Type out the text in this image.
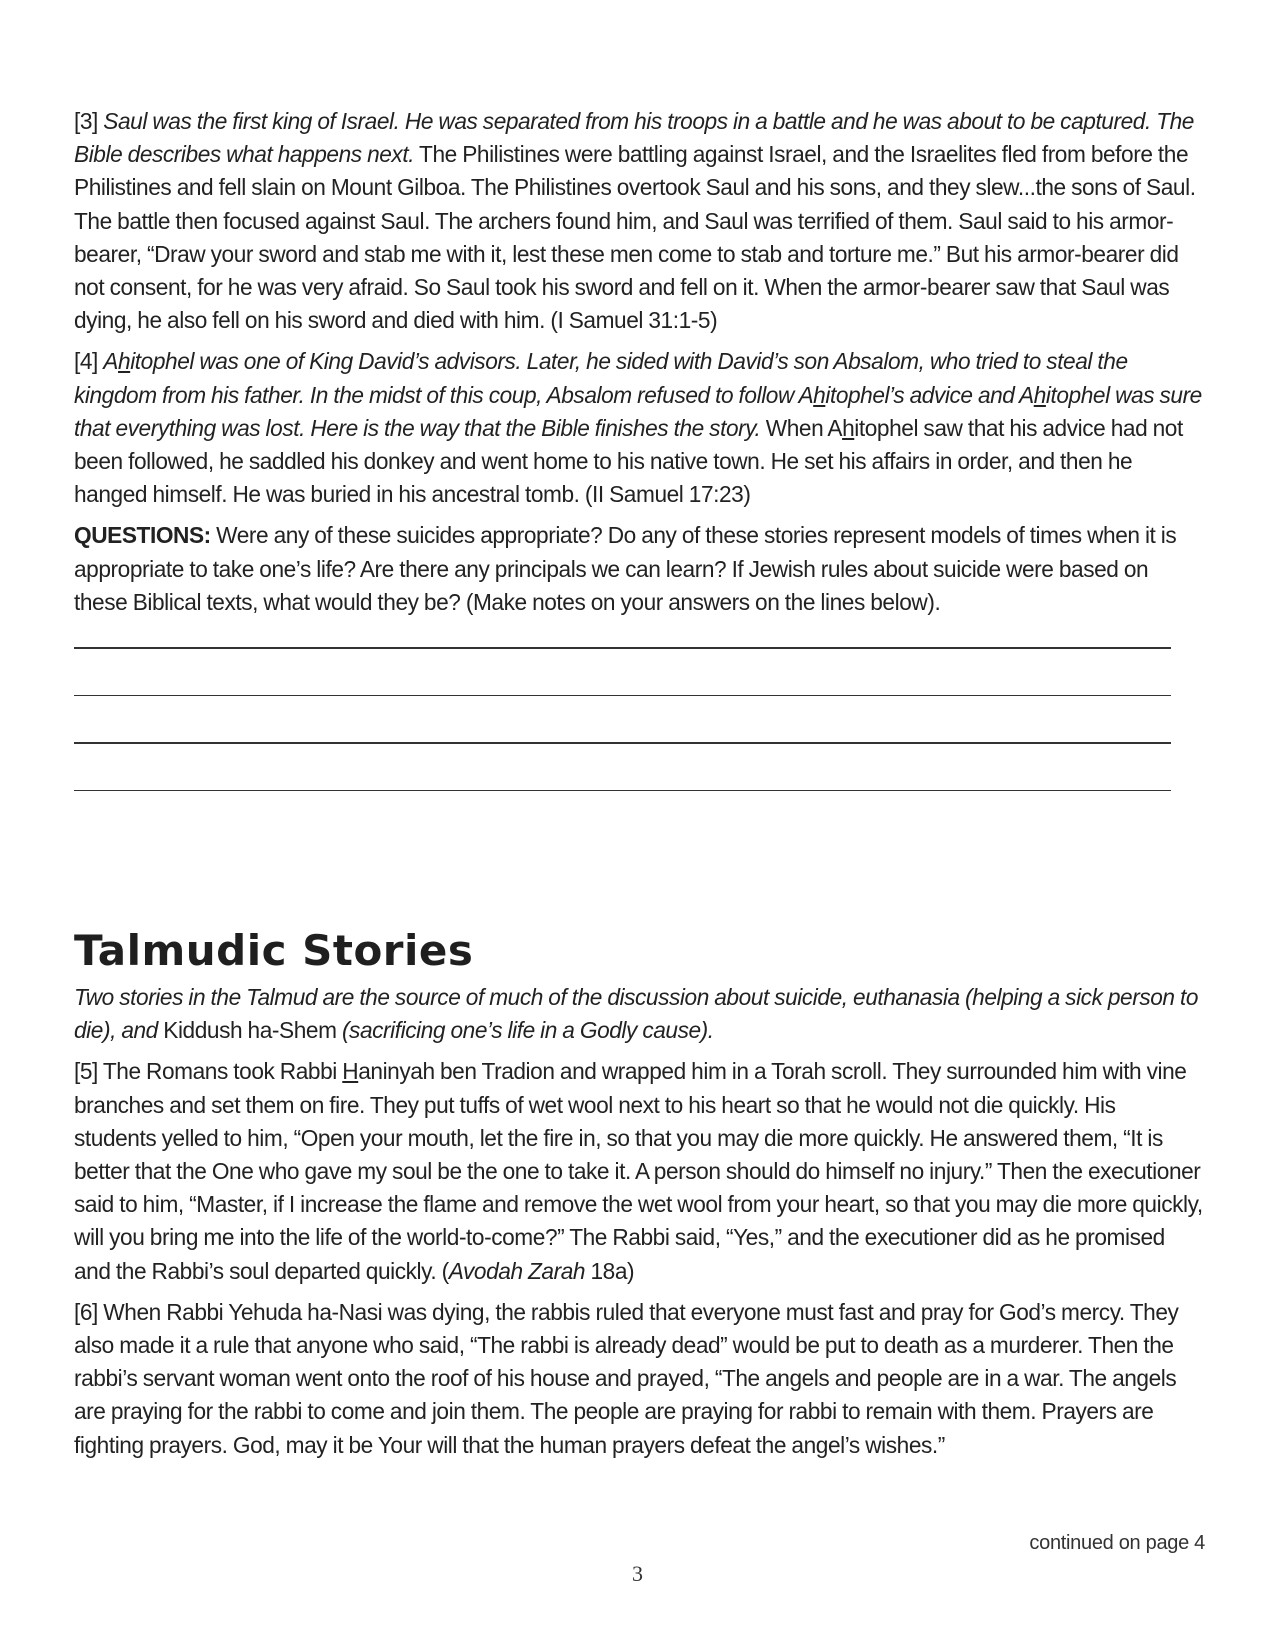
[3] Saul was the first king of Israel. He was separated from his troops in a battle and he was about to be captured. The Bible describes what happens next. The Philistines were battling against Israel, and the Israelites fled from before the Philistines and fell slain on Mount Gilboa. The Philistines overtook Saul and his sons, and they slew...the sons of Saul. The battle then focused against Saul. The archers found him, and Saul was terrified of them. Saul said to his armor-bearer, “Draw your sword and stab me with it, lest these men come to stab and torture me.” But his armor-bearer did not consent, for he was very afraid. So Saul took his sword and fell on it. When the armor-bearer saw that Saul was dying, he also fell on his sword and died with him. (I Samuel 31:1-5)

[4] Ahitophel was one of King David’s advisors. Later, he sided with David’s son Absalom, who tried to steal the kingdom from his father. In the midst of this coup, Absalom refused to follow Ahitophel’s advice and Ahitophel was sure that everything was lost. Here is the way that the Bible finishes the story. When Ahitophel saw that his advice had not been followed, he saddled his donkey and went home to his native town. He set his affairs in order, and then he hanged himself. He was buried in his ancestral tomb. (II Samuel 17:23)

QUESTIONS: Were any of these suicides appropriate? Do any of these stories represent models of times when it is appropriate to take one’s life? Are there any principals we can learn? If Jewish rules about suicide were based on these Biblical texts, what would they be? (Make notes on your answers on the lines below).

Talmudic Stories

Two stories in the Talmud are the source of much of the discussion about suicide, euthanasia (helping a sick person to die), and Kiddush ha-Shem (sacrificing one’s life in a Godly cause).

[5] The Romans took Rabbi Haninyah ben Tradion and wrapped him in a Torah scroll. They surrounded him with vine branches and set them on fire. They put tuffs of wet wool next to his heart so that he would not die quickly. His students yelled to him, “Open your mouth, let the fire in, so that you may die more quickly. He answered them, “It is better that the One who gave my soul be the one to take it. A person should do himself no injury.” Then the executioner said to him, “Master, if I increase the flame and remove the wet wool from your heart, so that you may die more quickly, will you bring me into the life of the world-to-come?” The Rabbi said, “Yes,” and the executioner did as he promised and the Rabbi’s soul departed quickly. (Avodah Zarah 18a)

[6] When Rabbi Yehuda ha-Nasi was dying, the rabbis ruled that everyone must fast and pray for God’s mercy. They also made it a rule that anyone who said, “The rabbi is already dead” would be put to death as a murderer. Then the rabbi’s servant woman went onto the roof of his house and prayed, “The angels and people are in a war. The angels are praying for the rabbi to come and join them. The people are praying for rabbi to remain with them. Prayers are fighting prayers. God, may it be Your will that the human prayers defeat the angel’s wishes.”

continued on page 4
3
